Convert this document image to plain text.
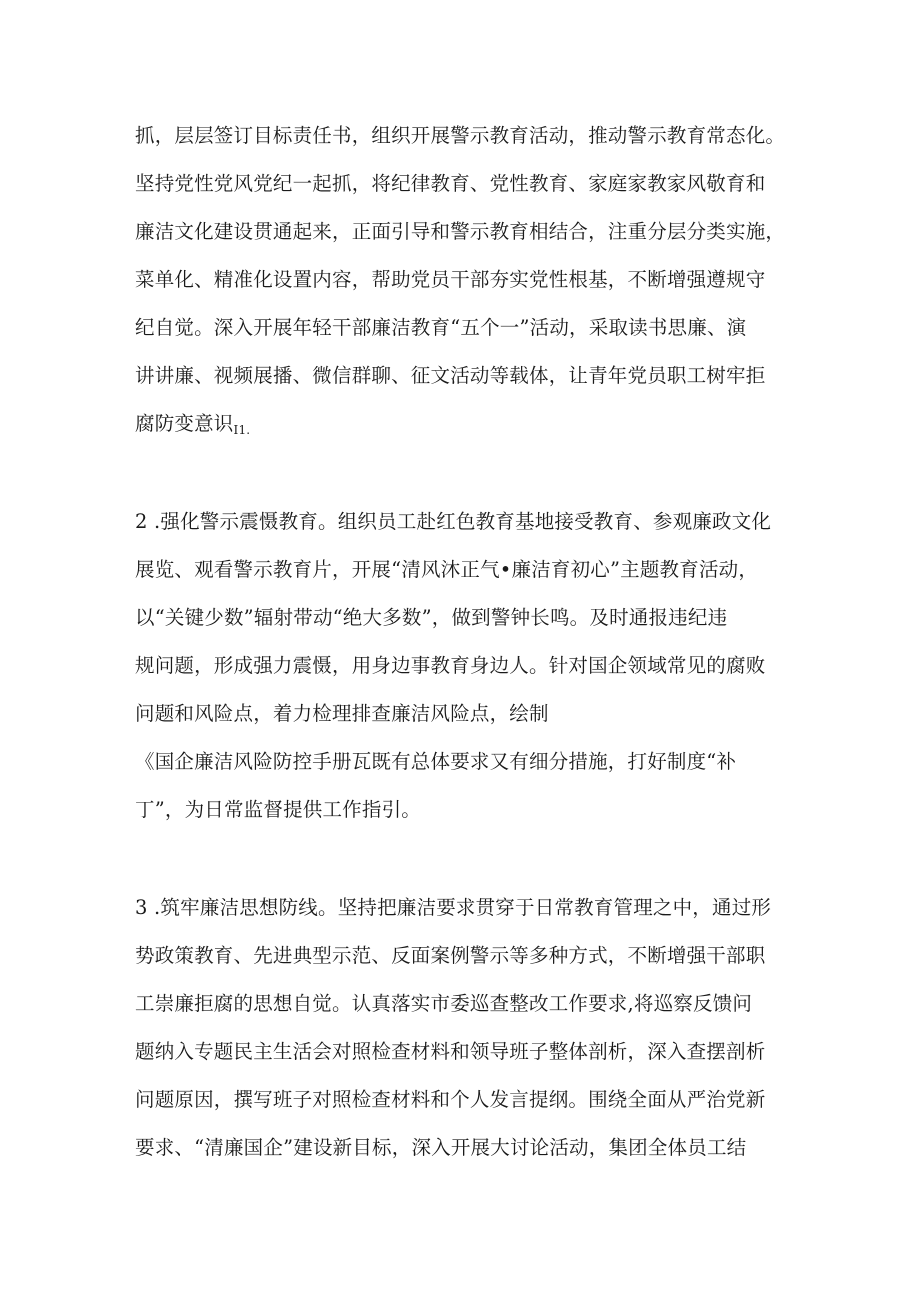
抓，层层签订目标责任书，组织开展警示教育活动，推动警示教育常态化。
坚持党性党风党纪一起抓，将纪律教育、党性教育、家庭家教家风敬育和
廉洁文化建设贯通起来，正面引导和警示教育相结合，注重分层分类实施，
菜单化、精准化设置内容，帮助党员干部夯实党性根基，不断增强遵规守
纪自觉。深入开展年轻干部廉洁教育“五个一”活动，采取读书思廉、演
讲讲廉、视频展播、微信群聊、征文活动等载体，让青年党员职工树牢拒
腐防变意识$_{I1.}$
2 .强化警示震慑教育。组织员工赴红色教育基地接受教育、参观廉政文化
展览、观看警示教育片，开展“清风沐正气•廉洁育初心”主题教育活动，
以“关键少数”辐射带动“绝大多数”，做到警钟长鸣。及时通报违纪违
规问题，形成强力震慑，用身边事教育身边人。针对国企领域常见的腐败
问题和风险点，着力检理排查廉洁风险点，绘制
《国企廉洁风险防控手册瓦既有总体要求又有细分措施，打好制度“补
丁”，为日常监督提供工作指引。
3 .筑牢廉洁思想防线。坚持把廉洁要求贯穿于日常教育管理之中，通过形
势政策教育、先进典型示范、反面案例警示等多种方式，不断增强干部职
工崇廉拒腐的思想自觉。认真落实市委巡查整改工作要求,将巡察反馈问
题纳入专题民主生活会对照检查材料和领导班子整体剖析，深入查摆剖析
问题原因，撰写班子对照检查材料和个人发言提纲。围绕全面从严治党新
要求、“清廉国企”建设新目标，深入开展大讨论活动，集团全体员工结
